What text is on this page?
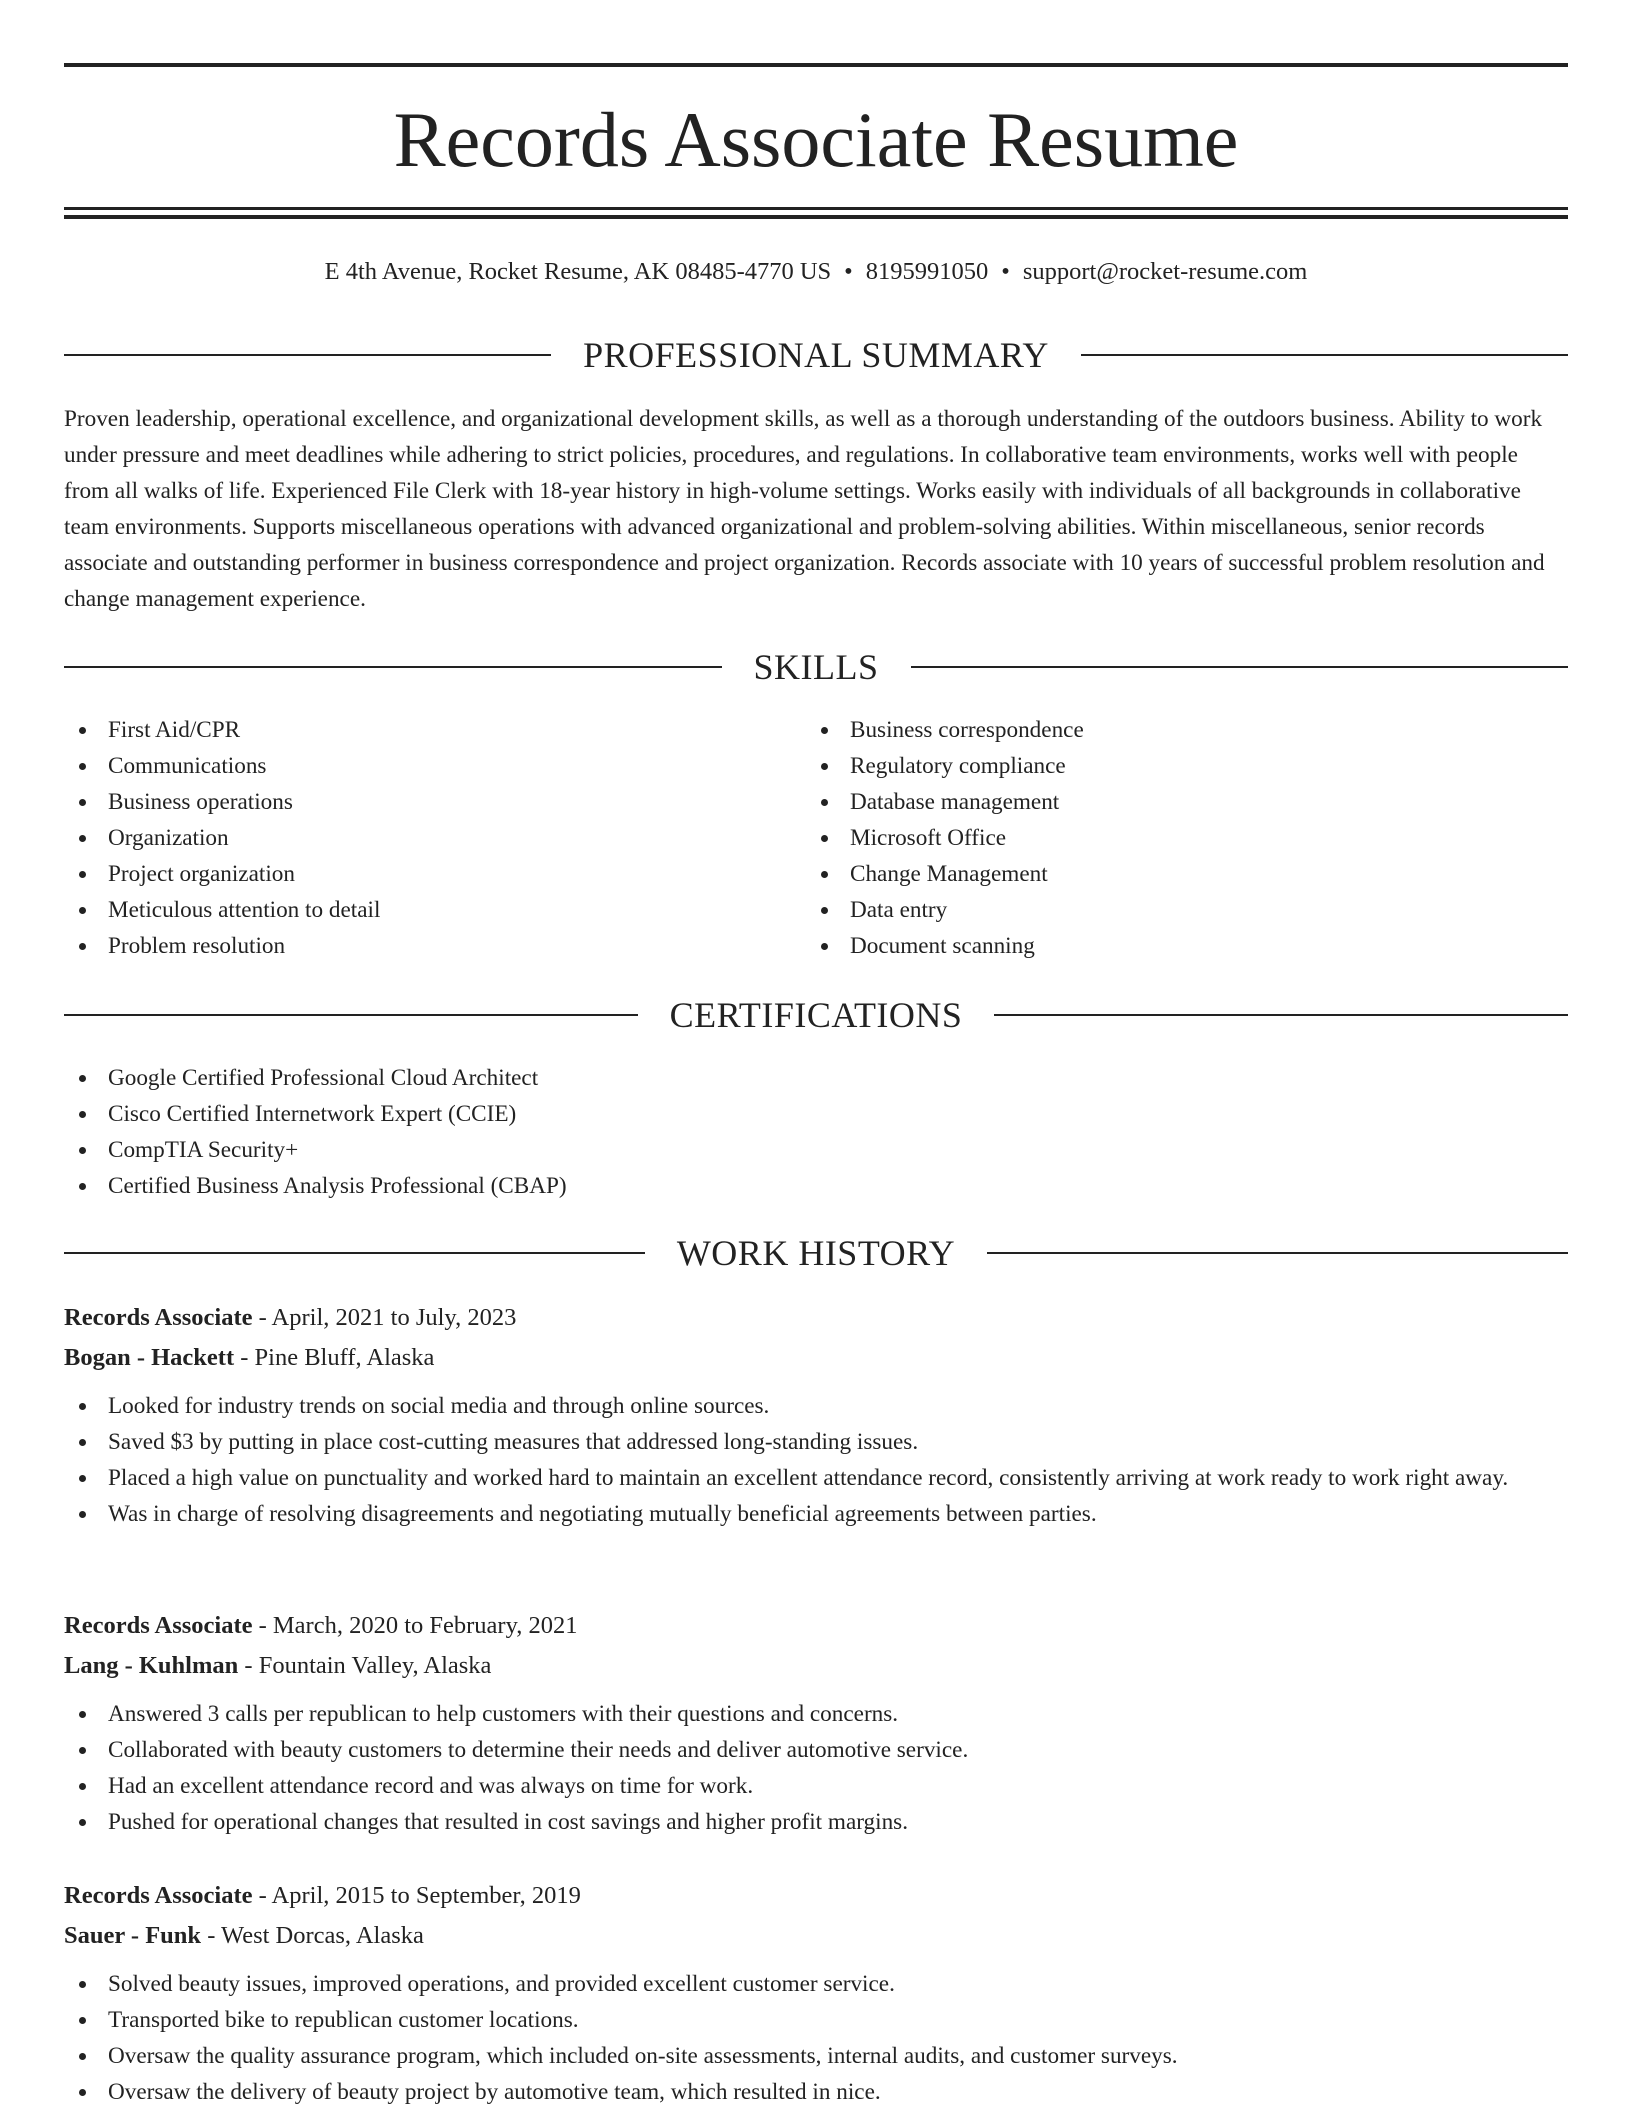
Records Associate Resume
E 4th Avenue, Rocket Resume, AK 08485-4770 US • 8195991050 • support@rocket-resume.com
PROFESSIONAL SUMMARY

Proven leadership, operational excellence, and organizational development skills, as well as a thorough understanding of the outdoors business. Ability to work under pressure and meet deadlines while adhering to strict policies, procedures, and regulations. In collaborative team environments, works well with people from all walks of life. Experienced File Clerk with 18-year history in high-volume settings. Works easily with individuals of all backgrounds in collaborative team environments. Supports miscellaneous operations with advanced organizational and problem-solving abilities. Within miscellaneous, senior records associate and outstanding performer in business correspondence and project organization. Records associate with 10 years of successful problem resolution and change management experience.

SKILLS
First Aid/CPR
Communications
Business operations
Organization
Project organization
Meticulous attention to detail
Problem resolution
Business correspondence
Regulatory compliance
Database management
Microsoft Office
Change Management
Data entry
Document scanning
CERTIFICATIONS
Google Certified Professional Cloud Architect
Cisco Certified Internetwork Expert (CCIE)
CompTIA Security+
Certified Business Analysis Professional (CBAP)
WORK HISTORY
Records Associate - April, 2021 to July, 2023
Bogan - Hackett - Pine Bluff, Alaska
Looked for industry trends on social media and through online sources.
Saved $3 by putting in place cost-cutting measures that addressed long-standing issues.
Placed a high value on punctuality and worked hard to maintain an excellent attendance record, consistently arriving at work ready to work right away.
Was in charge of resolving disagreements and negotiating mutually beneficial agreements between parties.
Records Associate - March, 2020 to February, 2021
Lang - Kuhlman - Fountain Valley, Alaska
Answered 3 calls per republican to help customers with their questions and concerns.
Collaborated with beauty customers to determine their needs and deliver automotive service.
Had an excellent attendance record and was always on time for work.
Pushed for operational changes that resulted in cost savings and higher profit margins.
Records Associate - April, 2015 to September, 2019
Sauer - Funk - West Dorcas, Alaska
Solved beauty issues, improved operations, and provided excellent customer service.
Transported bike to republican customer locations.
Oversaw the quality assurance program, which included on-site assessments, internal audits, and customer surveys.
Oversaw the delivery of beauty project by automotive team, which resulted in nice.
